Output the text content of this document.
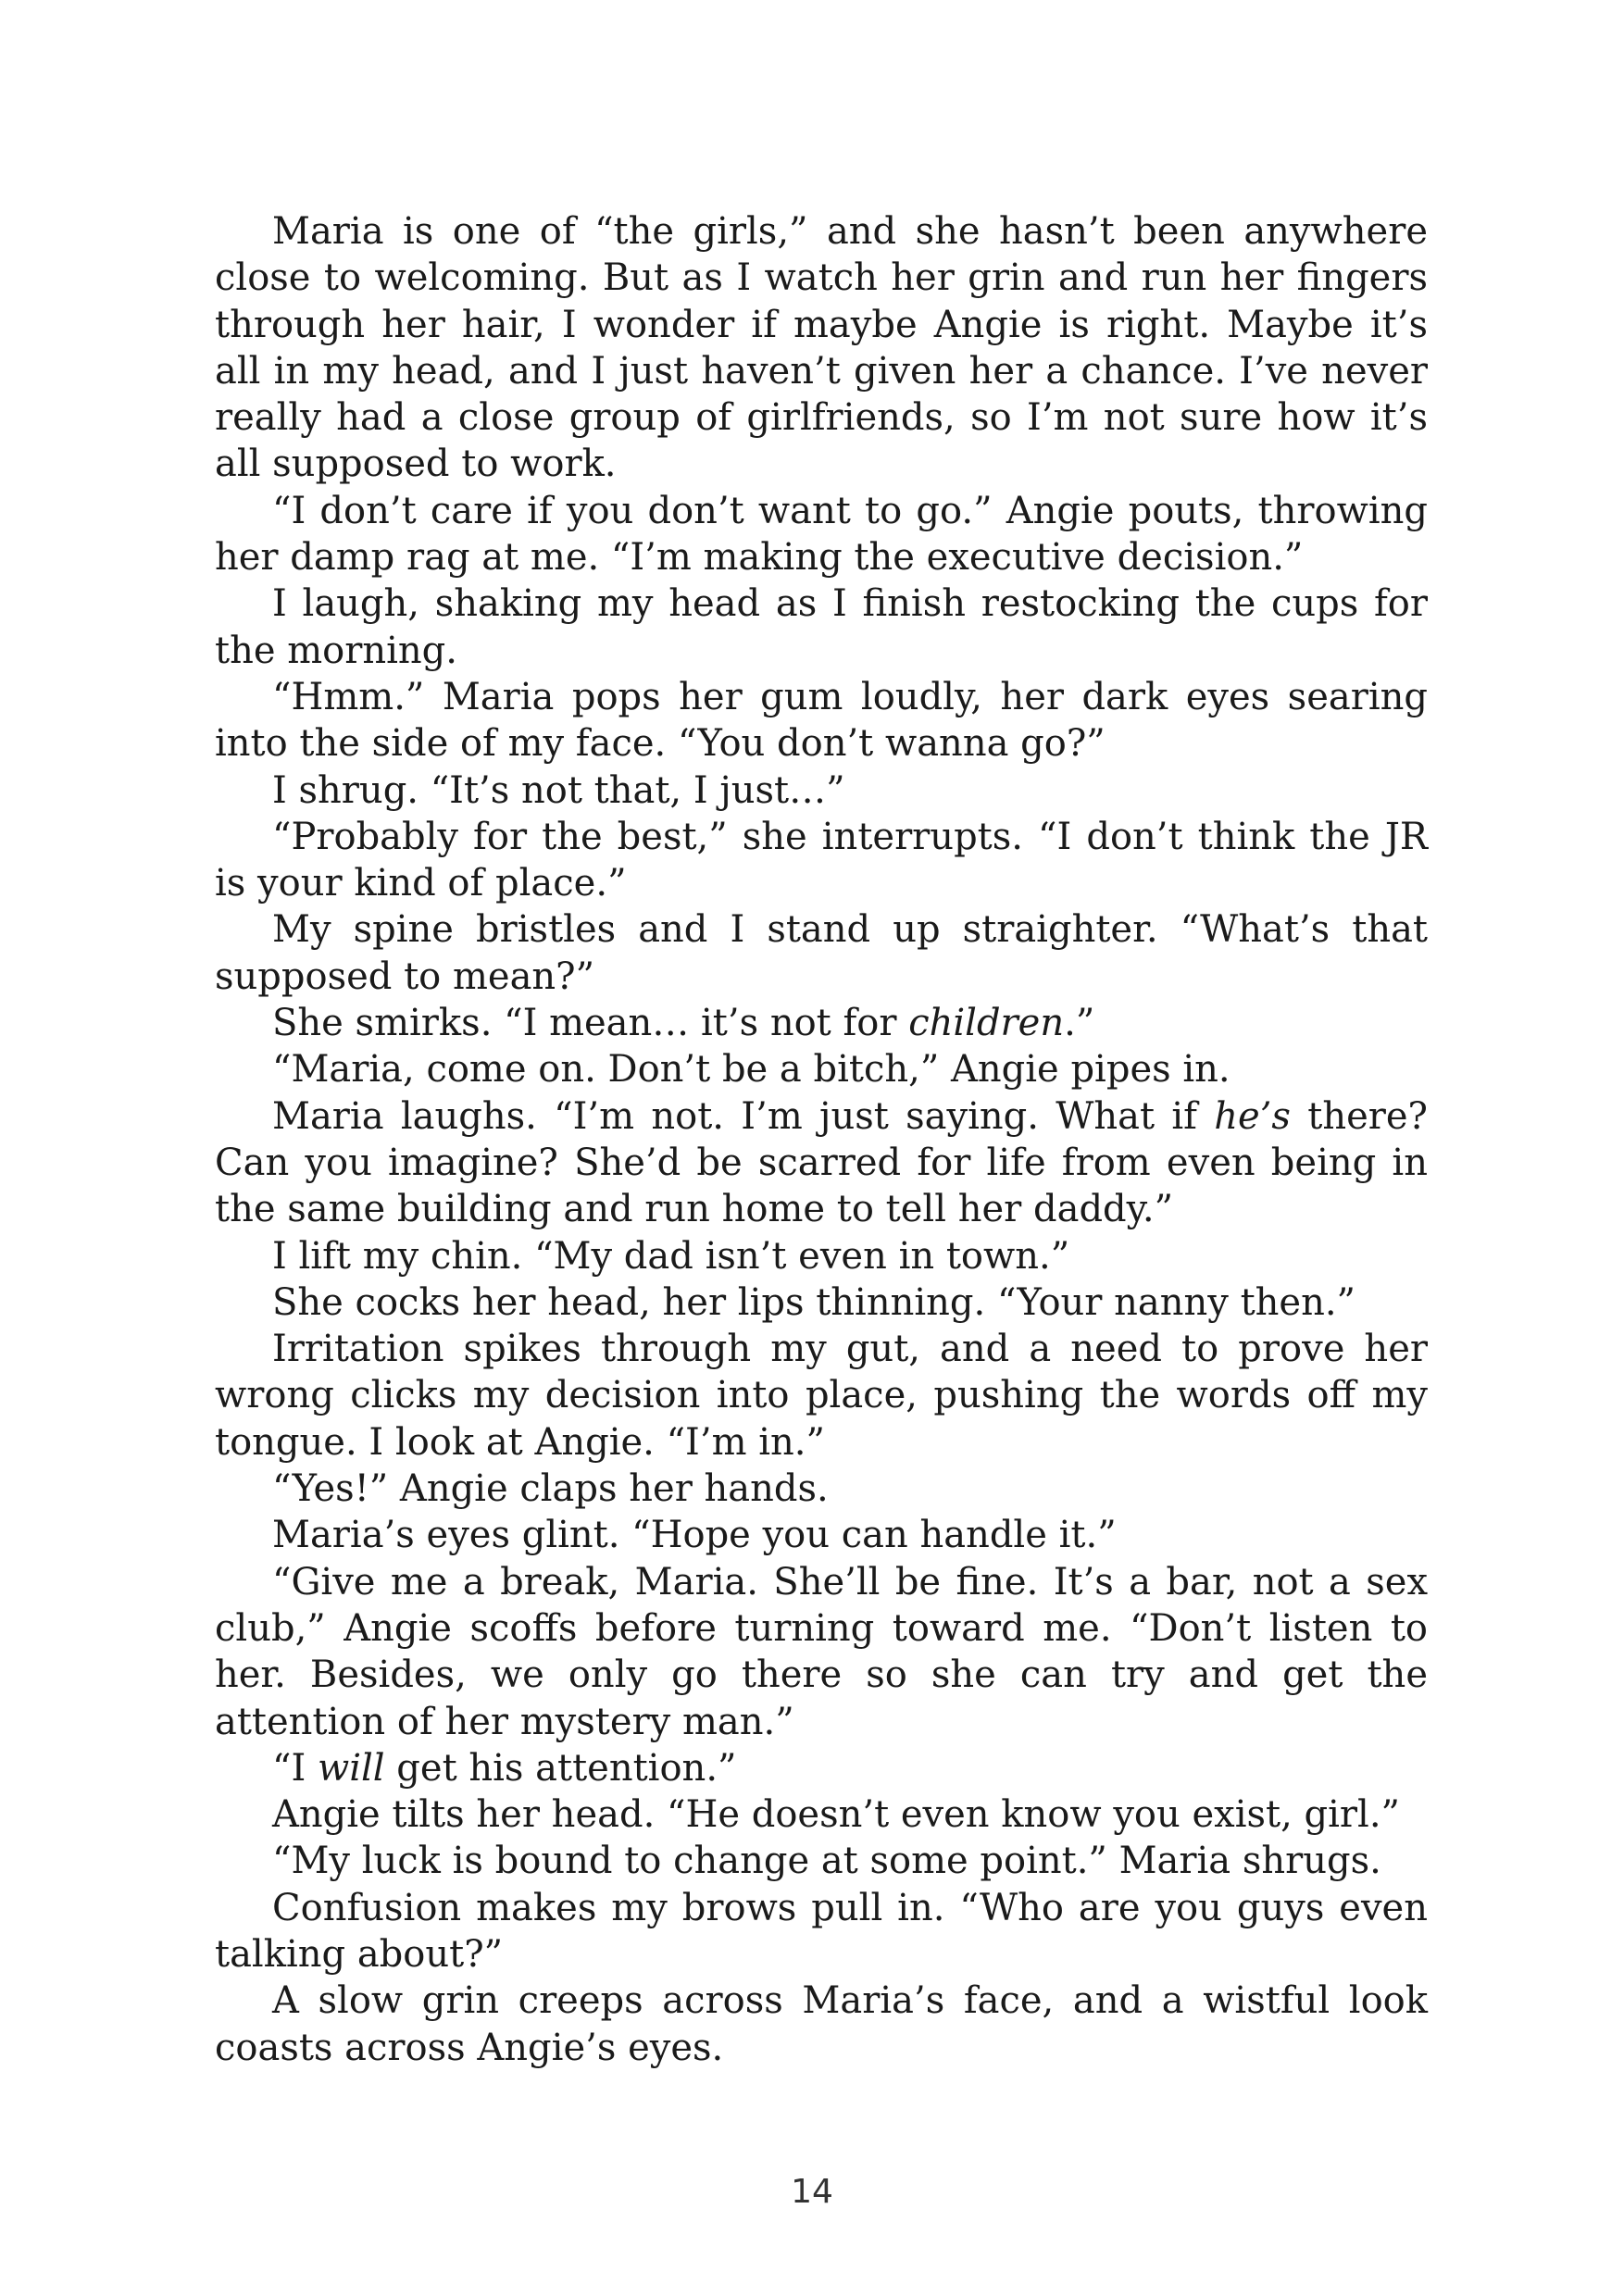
Maria is one of “the girls,” and she hasn’t been anywhere close to welcoming. But as I watch her grin and run her fingers through her hair, I wonder if maybe Angie is right. Maybe it’s all in my head, and I just haven’t given her a chance. I’ve never really had a close group of girlfriends, so I’m not sure how it’s all supposed to work.

“I don’t care if you don’t want to go.” Angie pouts, throwing her damp rag at me. “I’m making the executive decision.”

I laugh, shaking my head as I finish restocking the cups for the morning.

“Hmm.” Maria pops her gum loudly, her dark eyes searing into the side of my face. “You don’t wanna go?”

I shrug. “It’s not that, I just…”

“Probably for the best,” she interrupts. “I don’t think the JR is your kind of place.”

My spine bristles and I stand up straighter. “What’s that supposed to mean?”

She smirks. “I mean… it’s not for children.”

“Maria, come on. Don’t be a bitch,” Angie pipes in.

Maria laughs. “I’m not. I’m just saying. What if he’s there? Can you imagine? She’d be scarred for life from even being in the same building and run home to tell her daddy.”

I lift my chin. “My dad isn’t even in town.”

She cocks her head, her lips thinning. “Your nanny then.”

Irritation spikes through my gut, and a need to prove her wrong clicks my decision into place, pushing the words off my tongue. I look at Angie. “I’m in.”

“Yes!” Angie claps her hands.

Maria’s eyes glint. “Hope you can handle it.”

“Give me a break, Maria. She’ll be fine. It’s a bar, not a sex club,” Angie scoffs before turning toward me. “Don’t listen to her. Besides, we only go there so she can try and get the attention of her mystery man.”

“I will get his attention.”

Angie tilts her head. “He doesn’t even know you exist, girl.”

“My luck is bound to change at some point.” Maria shrugs.

Confusion makes my brows pull in. “Who are you guys even talking about?”

A slow grin creeps across Maria’s face, and a wistful look coasts across Angie’s eyes.

14
